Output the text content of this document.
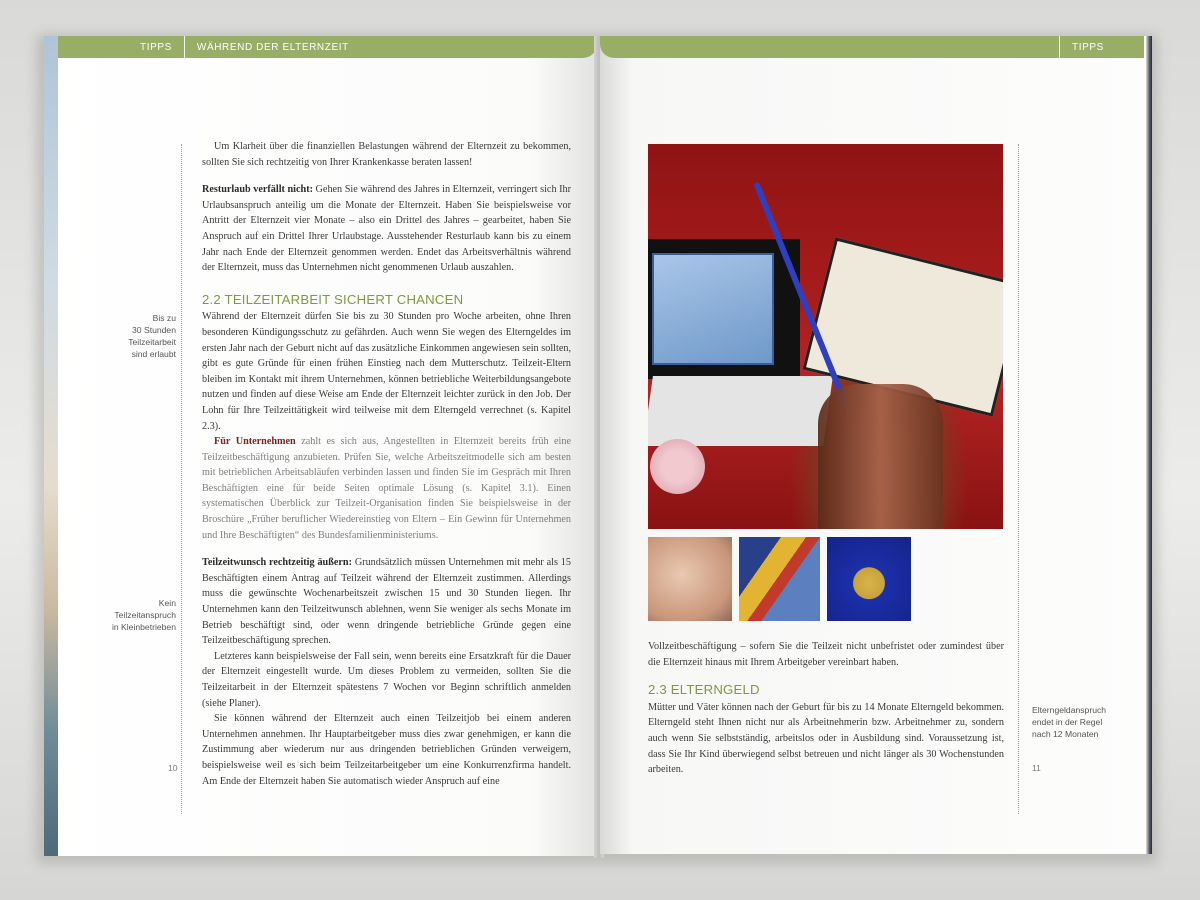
TIPPS	WÄHREND DER ELTERNZEIT
Bis zu
30 Stunden
Teilzeitarbeit
sind erlaubt
Kein
Teilzeitanspruch
in Kleinbetrieben

Um Klarheit über die finanziellen Belastungen während der Elternzeit zu bekommen, sollten Sie sich rechtzeitig von Ihrer Krankenkasse beraten lassen!

Resturlaub verfällt nicht: Gehen Sie während des Jahres in Elternzeit, verringert sich Ihr Urlaubsanspruch anteilig um die Monate der Elternzeit. Haben Sie beispielsweise vor Antritt der Elternzeit vier Monate – also ein Drittel des Jahres – gearbeitet, haben Sie Anspruch auf ein Drittel Ihrer Urlaubstage. Ausstehender Resturlaub kann bis zu einem Jahr nach Ende der Elternzeit genommen werden. Endet das Arbeitsverhältnis während der Elternzeit, muss das Unternehmen nicht genommenen Urlaub auszahlen.

2.2 TEILZEITARBEIT SICHERT CHANCEN

Während der Elternzeit dürfen Sie bis zu 30 Stunden pro Woche arbeiten, ohne Ihren besonderen Kündigungsschutz zu gefährden. Auch wenn Sie wegen des Elterngeldes im ersten Jahr nach der Geburt nicht auf das zusätzliche Einkommen angewiesen sein sollten, gibt es gute Gründe für einen frühen Einstieg nach dem Mutterschutz. Teilzeit-Eltern bleiben im Kontakt mit ihrem Unternehmen, können betriebliche Weiterbildungsangebote nutzen und finden auf diese Weise am Ende der Elternzeit leichter zurück in den Job. Der Lohn für Ihre Teilzeittätigkeit wird teilweise mit dem Elterngeld verrechnet (s. Kapitel 2.3).

Für Unternehmen zahlt es sich aus, Angestellten in Elternzeit bereits früh eine Teilzeitbeschäftigung anzubieten. Prüfen Sie, welche Arbeitszeitmodelle sich am besten mit betrieblichen Arbeitsabläufen verbinden lassen und finden Sie im Gespräch mit Ihren Beschäftigten eine für beide Seiten optimale Lösung (s. Kapitel 3.1). Einen systematischen Überblick zur Teilzeit-Organisation finden Sie beispielsweise in der Broschüre „Früher beruflicher Wiedereinstieg von Eltern – Ein Gewinn für Unternehmen und Ihre Beschäftigten“ des Bundesfamilienministeriums.

Teilzeitwunsch rechtzeitig äußern: Grundsätzlich müssen Unternehmen mit mehr als 15 Beschäftigten einem Antrag auf Teilzeit während der Elternzeit zustimmen. Allerdings muss die gewünschte Wochenarbeitszeit zwischen 15 und 30 Stunden liegen. Ihr Unternehmen kann den Teilzeitwunsch ablehnen, wenn Sie weniger als sechs Monate im Betrieb beschäftigt sind, oder wenn dringende betriebliche Gründe gegen eine Teilzeitbeschäftigung sprechen.

Letzteres kann beispielsweise der Fall sein, wenn bereits eine Ersatzkraft für die Dauer der Elternzeit eingestellt wurde. Um dieses Problem zu vermeiden, sollten Sie die Teilzeitarbeit in der Elternzeit spätestens 7 Wochen vor Beginn schriftlich anmelden (siehe Planer).

Sie können während der Elternzeit auch einen Teilzeitjob bei einem anderen Unternehmen annehmen. Ihr Hauptarbeitgeber muss dies zwar genehmigen, er kann die Zustimmung aber wiederum nur aus dringenden betrieblichen Gründen verweigern, beispielsweise weil es sich beim Teilzeitarbeitgeber um eine Konkurrenzfirma handelt. Am Ende der Elternzeit haben Sie automatisch wieder Anspruch auf eine

10
TIPPS

Vollzeitbeschäftigung – sofern Sie die Teilzeit nicht unbefristet oder zumindest über die Elternzeit hinaus mit Ihrem Arbeitgeber vereinbart haben.

2.3 ELTERNGELD

Mütter und Väter können nach der Geburt für bis zu 14 Monate Elterngeld bekommen. Elterngeld steht Ihnen nicht nur als Arbeitnehmerin bzw. Arbeitnehmer zu, sondern auch wenn Sie selbstständig, arbeitslos oder in Ausbildung sind. Voraussetzung ist, dass Sie Ihr Kind überwiegend selbst betreuen und nicht länger als 30 Wochenstunden arbeiten.

Elterngeldanspruch
endet in der Regel
nach 12 Monaten
11
